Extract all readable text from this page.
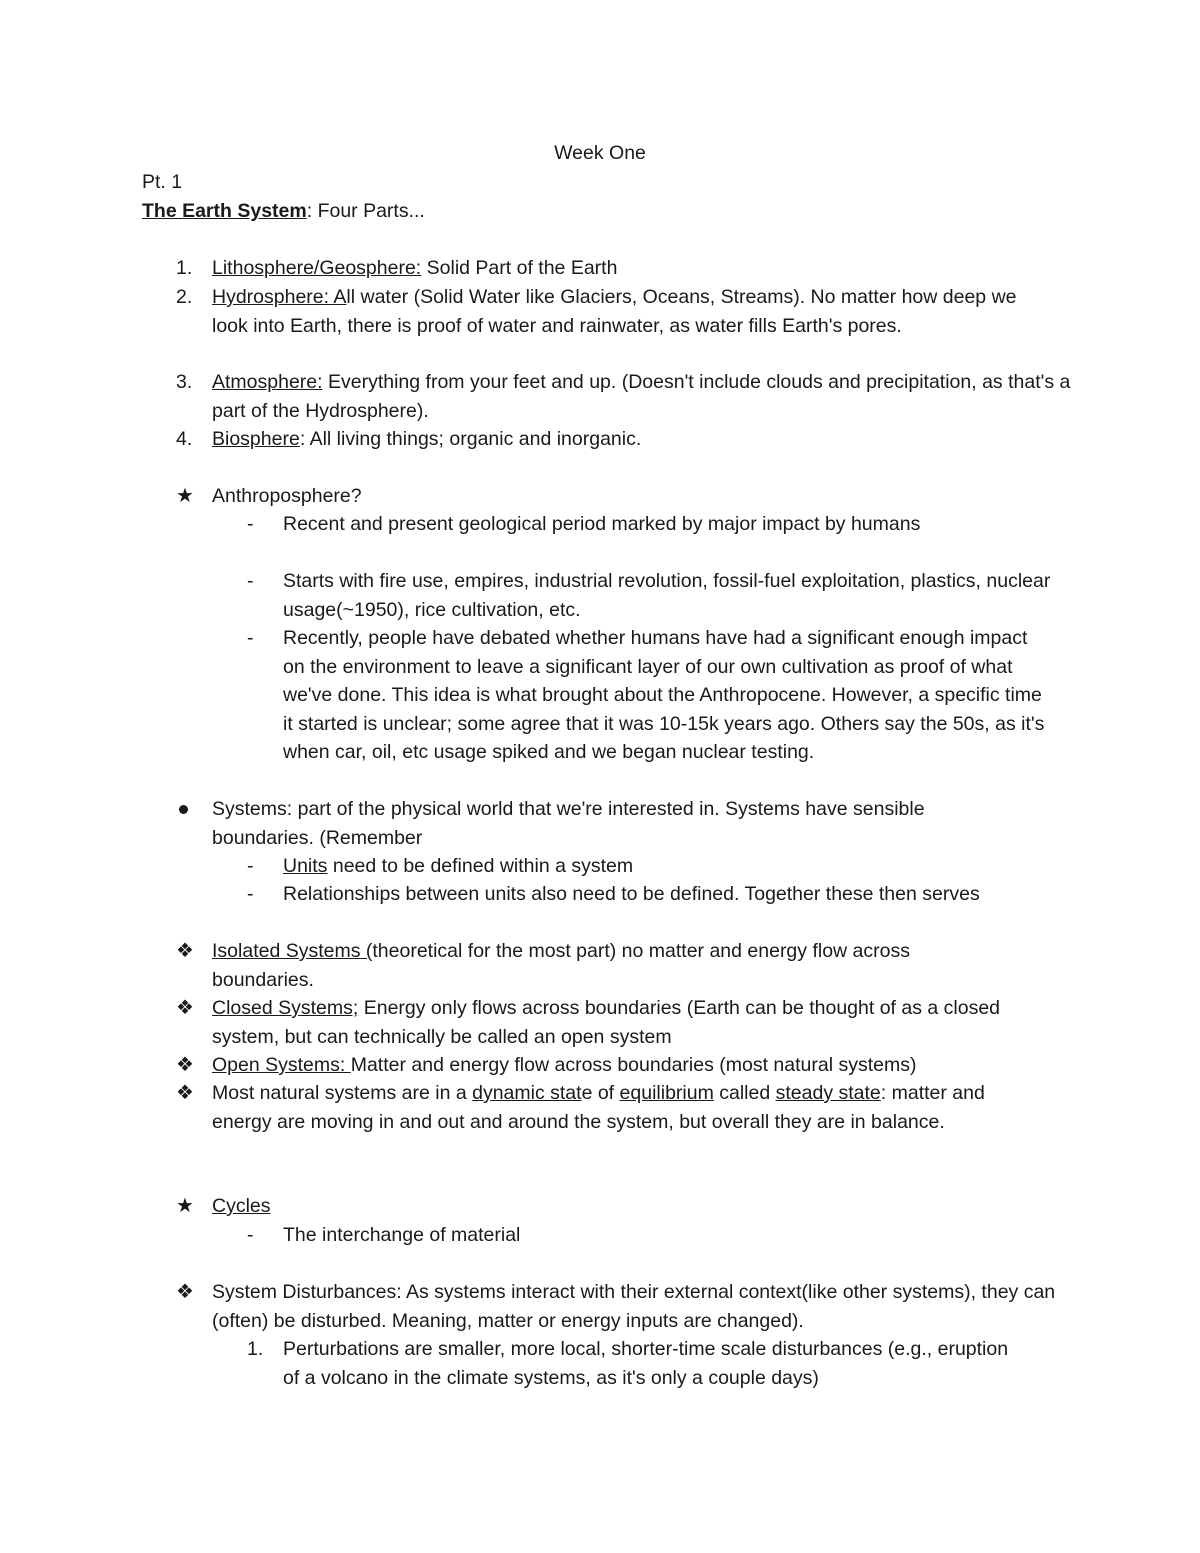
Week One
Pt. 1
The Earth System: Four Parts...
1. Lithosphere/Geosphere: Solid Part of the Earth
2. Hydrosphere: All water (Solid Water like Glaciers, Oceans, Streams). No matter how deep we look into Earth, there is proof of water and rainwater, as water fills Earth's pores.
3. Atmosphere: Everything from your feet and up. (Doesn't include clouds and precipitation, as that's a part of the Hydrosphere).
4. Biosphere: All living things; organic and inorganic.
★ Anthroposphere?
- Recent and present geological period marked by major impact by humans
- Starts with fire use, empires, industrial revolution, fossil-fuel exploitation, plastics, nuclear usage(~1950), rice cultivation, etc.
- Recently, people have debated whether humans have had a significant enough impact on the environment to leave a significant layer of our own cultivation as proof of what we've done. This idea is what brought about the Anthropocene. However, a specific time it started is unclear; some agree that it was 10-15k years ago. Others say the 50s, as it's when car, oil, etc usage spiked and we began nuclear testing.
Systems: part of the physical world that we're interested in. Systems have sensible boundaries. (Remember
- Units need to be defined within a system
- Relationships between units also need to be defined. Together these then serves
❖ Isolated Systems (theoretical for the most part) no matter and energy flow across boundaries.
❖ Closed Systems; Energy only flows across boundaries (Earth can be thought of as a closed system, but can technically be called an open system
❖ Open Systems: Matter and energy flow across boundaries (most natural systems)
❖ Most natural systems are in a dynamic state of equilibrium called steady state: matter and energy are moving in and out and around the system, but overall they are in balance.
★ Cycles
- The interchange of material
❖ System Disturbances: As systems interact with their external context(like other systems), they can (often) be disturbed. Meaning, matter or energy inputs are changed).
1. Perturbations are smaller, more local, shorter-time scale disturbances (e.g., eruption of a volcano in the climate systems, as it's only a couple days)
